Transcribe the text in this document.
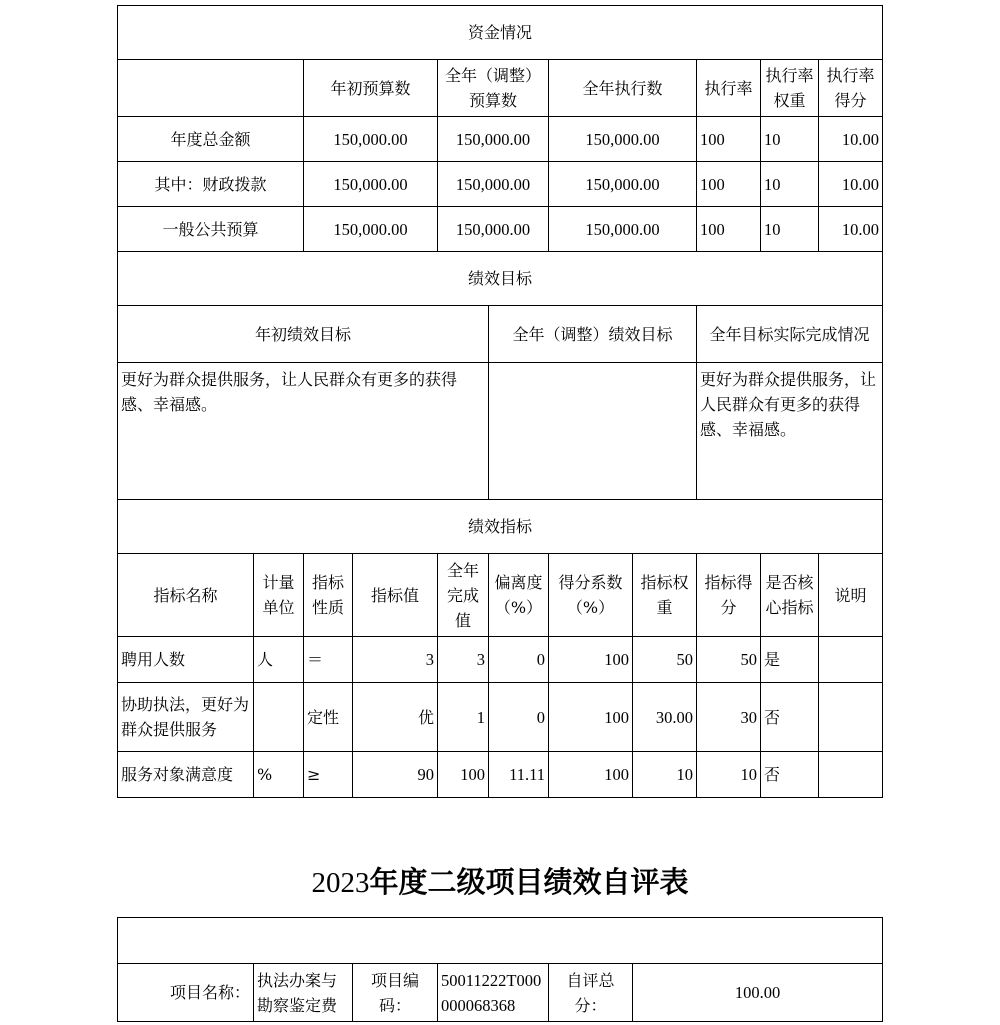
资金情况										
		年初预算数		全年（调整）预算数		全年执行数		执行率	执行率权重	执行率得分
年度总金额		150,000.00		150,000.00		150,000.00		100	10	10.00
其中：财政拨款		150,000.00		150,000.00		150,000.00		100	10	10.00
一般公共预算		150,000.00		150,000.00		150,000.00		100	10	10.00
绩效目标										
年初绩效目标					全年（调整）绩效目标			全年目标实际完成情况		
更好为群众提供服务，让人民群众有更多的获得感、幸福感。								更好为群众提供服务，让人民群众有更多的获得感、幸福感。		
绩效指标										
指标名称	计量单位	指标性质	指标值	全年完成值	偏离度（%）	得分系数（%）	指标权重	指标得分	是否核心指标	说明
聘用人数	人	＝	3	3	0	100	50	50	是	
协助执法，更好为群众提供服务		定性	优	1	0	100	30.00	30	否	
服务对象满意度	%	≥	90	100	11.11	100	10	10	否	
2023年度二级项目绩效自评表

项目名称：	执法办案与勘察鉴定费	项目编码：	50011222T000000068368	自评总分：	100.00
